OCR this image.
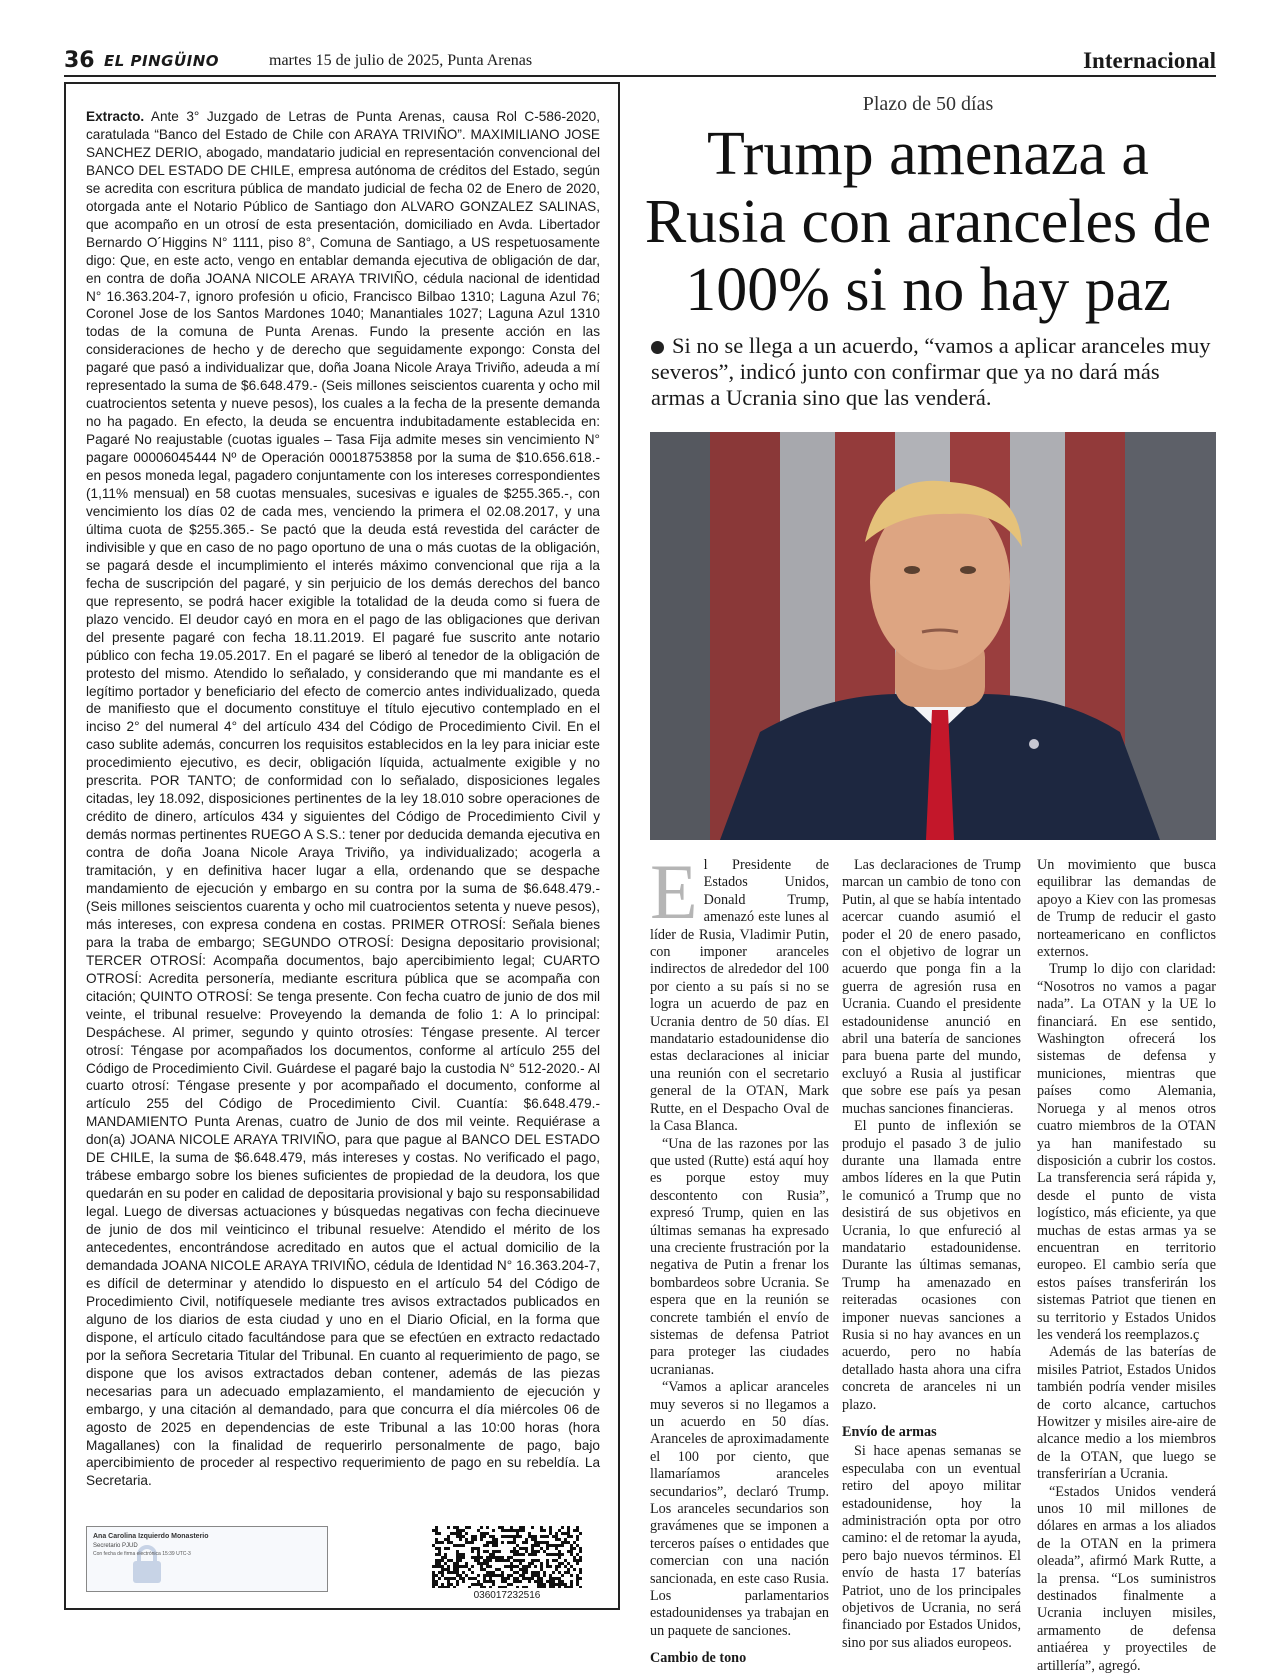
36 EL PINGÜINO	martes 15 de julio de 2025, Punta Arenas	Internacional
Extracto. Ante 3° Juzgado de Letras de Punta Arenas, causa Rol C-586-2020, caratulada “Banco del Estado de Chile con ARAYA TRIVIÑO”. MAXIMILIANO JOSE SANCHEZ DERIO, abogado, mandatario judicial en representación convencional del BANCO DEL ESTADO DE CHILE, empresa autónoma de créditos del Estado, según se acredita con escritura pública de mandato judicial de fecha 02 de Enero de 2020, otorgada ante el Notario Público de Santiago don ALVARO GONZALEZ SALINAS, que acompaño en un otrosí de esta presentación, domiciliado en Avda. Libertador Bernardo O´Higgins N° 1111, piso 8°, Comuna de Santiago, a US respetuosamente digo: Que, en este acto, vengo en entablar demanda ejecutiva de obligación de dar, en contra de doña JOANA NICOLE ARAYA TRIVIÑO, cédula nacional de identidad N° 16.363.204-7, ignoro profesión u oficio, Francisco Bilbao 1310; Laguna Azul 76; Coronel Jose de los Santos Mardones 1040; Manantiales 1027; Laguna Azul 1310 todas de la comuna de Punta Arenas. Fundo la presente acción en las consideraciones de hecho y de derecho que seguidamente expongo: Consta del pagaré que pasó a individualizar que, doña Joana Nicole Araya Triviño, adeuda a mí representado la suma de $6.648.479.- (Seis millones seiscientos cuarenta y ocho mil cuatrocientos setenta y nueve pesos), los cuales a la fecha de la presente demanda no ha pagado. En efecto, la deuda se encuentra indubitadamente establecida en: Pagaré No reajustable (cuotas iguales – Tasa Fija admite meses sin vencimiento N° pagare 00006045444 Nº de Operación 00018753858 por la suma de $10.656.618.- en pesos moneda legal, pagadero conjuntamente con los intereses correspondientes (1,11% mensual) en 58 cuotas mensuales, sucesivas e iguales de $255.365.-, con vencimiento los días 02 de cada mes, venciendo la primera el 02.08.2017, y una última cuota de $255.365.- Se pactó que la deuda está revestida del carácter de indivisible y que en caso de no pago oportuno de una o más cuotas de la obligación, se pagará desde el incumplimiento el interés máximo convencional que rija a la fecha de suscripción del pagaré, y sin perjuicio de los demás derechos del banco que represento, se podrá hacer exigible la totalidad de la deuda como si fuera de plazo vencido. El deudor cayó en mora en el pago de las obligaciones que derivan del presente pagaré con fecha 18.11.2019. El pagaré fue suscrito ante notario público con fecha 19.05.2017. En el pagaré se liberó al tenedor de la obligación de protesto del mismo. Atendido lo señalado, y considerando que mi mandante es el legítimo portador y beneficiario del efecto de comercio antes individualizado, queda de manifiesto que el documento constituye el título ejecutivo contemplado en el inciso 2° del numeral 4° del artículo 434 del Código de Procedimiento Civil. En el caso sublite además, concurren los requisitos establecidos en la ley para iniciar este procedimiento ejecutivo, es decir, obligación líquida, actualmente exigible y no prescrita. POR TANTO; de conformidad con lo señalado, disposiciones legales citadas, ley 18.092, disposiciones pertinentes de la ley 18.010 sobre operaciones de crédito de dinero, artículos 434 y siguientes del Código de Procedimiento Civil y demás normas pertinentes RUEGO A S.S.: tener por deducida demanda ejecutiva en contra de doña Joana Nicole Araya Triviño, ya individualizado; acogerla a tramitación, y en definitiva hacer lugar a ella, ordenando que se despache mandamiento de ejecución y embargo en su contra por la suma de $6.648.479.- (Seis millones seiscientos cuarenta y ocho mil cuatrocientos setenta y nueve pesos), más intereses, con expresa condena en costas. PRIMER OTROSÍ: Señala bienes para la traba de embargo; SEGUNDO OTROSÍ: Designa depositario provisional; TERCER OTROSÍ: Acompaña documentos, bajo apercibimiento legal; CUARTO OTROSÍ: Acredita personería, mediante escritura pública que se acompaña con citación; QUINTO OTROSÍ: Se tenga presente. Con fecha cuatro de junio de dos mil veinte, el tribunal resuelve: Proveyendo la demanda de folio 1: A lo principal: Despáchese. Al primer, segundo y quinto otrosíes: Téngase presente. Al tercer otrosí: Téngase por acompañados los documentos, conforme al artículo 255 del Código de Procedimiento Civil. Guárdese el pagaré bajo la custodia N° 512-2020.- Al cuarto otrosí: Téngase presente y por acompañado el documento, conforme al artículo 255 del Código de Procedimiento Civil. Cuantía: $6.648.479.- MANDAMIENTO Punta Arenas, cuatro de Junio de dos mil veinte. Requiérase a don(a) JOANA NICOLE ARAYA TRIVIÑO, para que pague al BANCO DEL ESTADO DE CHILE, la suma de $6.648.479, más intereses y costas. No verificado el pago, trábese embargo sobre los bienes suficientes de propiedad de la deudora, los que quedarán en su poder en calidad de depositaria provisional y bajo su responsabilidad legal. Luego de diversas actuaciones y búsquedas negativas con fecha diecinueve de junio de dos mil veinticinco el tribunal resuelve: Atendido el mérito de los antecedentes, encontrándose acreditado en autos que el actual domicilio de la demandada JOANA NICOLE ARAYA TRIVIÑO, cédula de Identidad N° 16.363.204-7, es difícil de determinar y atendido lo dispuesto en el artículo 54 del Código de Procedimiento Civil, notifíquesele mediante tres avisos extractados publicados en alguno de los diarios de esta ciudad y uno en el Diario Oficial, en la forma que dispone, el artículo citado facultándose para que se efectúen en extracto redactado por la señora Secretaria Titular del Tribunal. En cuanto al requerimiento de pago, se dispone que los avisos extractados deban contener, además de las piezas necesarias para un adecuado emplazamiento, el mandamiento de ejecución y embargo, y una citación al demandado, para que concurra el día miércoles 06 de agosto de 2025 en dependencias de este Tribunal a las 10:00 horas (hora Magallanes) con la finalidad de requerirlo personalmente de pago, bajo apercibimiento de proceder al respectivo requerimiento de pago en su rebeldía. La Secretaria.
Ana Carolina Izquierdo Monasterio
Secretario PJUD
Con fecha de firma electrónica 15:39 UTC-3
036017232516
Plazo de 50 días
Trump amenaza a Rusia con aranceles de 100% si no hay paz
Si no se llega a un acuerdo, “vamos a aplicar aranceles muy severos”, indicó junto con confirmar que ya no dará más armas a Ucrania sino que las venderá.
E l Presidente de Estados Unidos, Donald Trump, amenazó este lunes al líder de Rusia, Vladimir Putin, con imponer aranceles indirectos de alrededor del 100 por ciento a su país si no se logra un acuerdo de paz en Ucrania dentro de 50 días. El mandatario estadounidense dio estas declaraciones al iniciar una reunión con el secretario general de la OTAN, Mark Rutte, en el Despacho Oval de la Casa Blanca.

“Una de las razones por las que usted (Rutte) está aquí hoy es porque estoy muy descontento con Rusia”, expresó Trump, quien en las últimas semanas ha expresado una creciente frustración por la negativa de Putin a frenar los bombardeos sobre Ucrania. Se espera que en la reunión se concrete también el envío de sistemas de defensa Patriot para proteger las ciudades ucranianas.

“Vamos a aplicar aranceles muy severos si no llegamos a un acuerdo en 50 días. Aranceles de aproximadamente el 100 por ciento, que llamaríamos aranceles secundarios”, declaró Trump. Los aranceles secundarios son gravámenes que se imponen a terceros países o entidades que comercian con una nación sancionada, en este caso Rusia. Los parlamentarios estadounidenses ya trabajan en un paquete de sanciones.

Cambio de tono

Las declaraciones de Trump marcan un cambio de tono con Putin, al que se había intentado acercar cuando asumió el poder el 20 de enero pasado, con el objetivo de lograr un acuerdo que ponga fin a la guerra de agresión rusa en Ucrania. Cuando el presidente estadounidense anunció en abril una batería de sanciones para buena parte del mundo, excluyó a Rusia al justificar que sobre ese país ya pesan muchas sanciones financieras.

El punto de inflexión se produjo el pasado 3 de julio durante una llamada entre ambos líderes en la que Putin le comunicó a Trump que no desistirá de sus objetivos en Ucrania, lo que enfureció al mandatario estadounidense. Durante las últimas semanas, Trump ha amenazado en reiteradas ocasiones con imponer nuevas sanciones a Rusia si no hay avances en un acuerdo, pero no había detallado hasta ahora una cifra concreta de aranceles ni un plazo.

Envío de armas

Si hace apenas semanas se especulaba con un eventual retiro del apoyo militar estadounidense, hoy la administración opta por otro camino: el de retomar la ayuda, pero bajo nuevos términos. El envío de hasta 17 baterías Patriot, uno de los principales objetivos de Ucrania, no será financiado por Estados Unidos, sino por sus aliados europeos.

Un movimiento que busca equilibrar las demandas de apoyo a Kiev con las promesas de Trump de reducir el gasto norteamericano en conflictos externos.

Trump lo dijo con claridad: “Nosotros no vamos a pagar nada”. La OTAN y la UE lo financiará. En ese sentido, Washington ofrecerá los sistemas de defensa y municiones, mientras que países como Alemania, Noruega y al menos otros cuatro miembros de la OTAN ya han manifestado su disposición a cubrir los costos. La transferencia será rápida y, desde el punto de vista logístico, más eficiente, ya que muchas de estas armas ya se encuentran en territorio europeo. El cambio sería que estos países transferirán los sistemas Patriot que tienen en su territorio y Estados Unidos les venderá los reemplazos.ç

Además de las baterías de misiles Patriot, Estados Unidos también podría vender misiles de corto alcance, cartuchos Howitzer y misiles aire-aire de alcance medio a los miembros de la OTAN, que luego se transferirían a Ucrania.

“Estados Unidos venderá unos 10 mil millones de dólares en armas a los aliados de la OTAN en la primera oleada”, afirmó Mark Rutte, a la prensa. “Los suministros destinados finalmente a Ucrania incluyen misiles, armamento de defensa antiaérea y proyectiles de artillería”, agregó.
